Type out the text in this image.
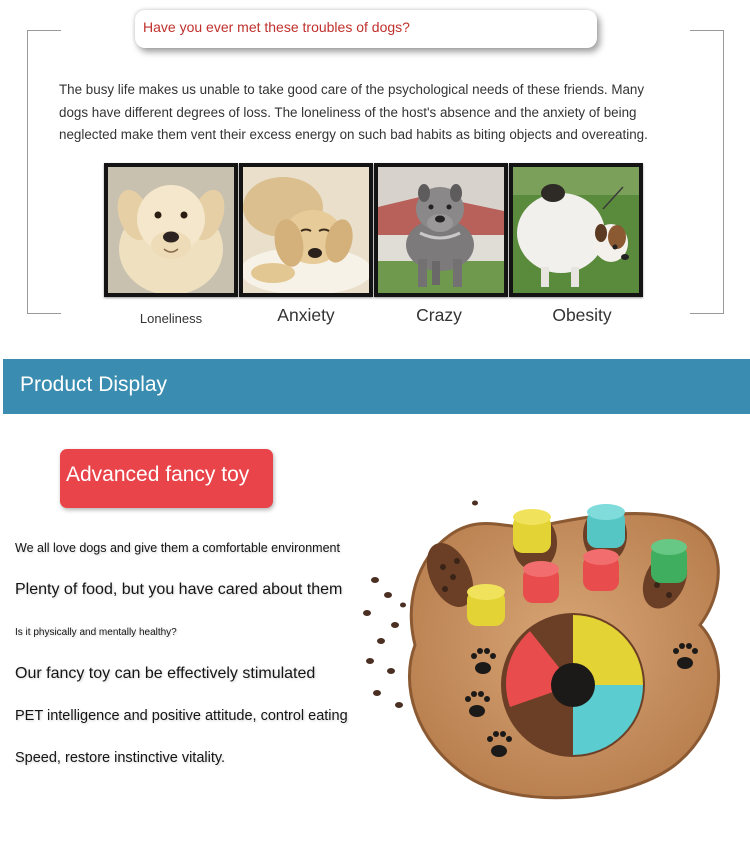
Have you ever met these troubles of dogs?
The busy life makes us unable to take good care of the psychological needs of these friends. Many
dogs have different degrees of loss. The loneliness of the host's absence and the anxiety of being
neglected make them vent their excess energy on such bad habits as biting objects and overeating.
Loneliness	Anxiety	Crazy	Obesity
Product Display
Advanced fancy toy
We all love dogs and give them a comfortable environment
Plenty of food, but you have cared about them
Is it physically and mentally healthy?
Our fancy toy can be effectively stimulated
PET intelligence and positive attitude, control eating
Speed, restore instinctive vitality.
